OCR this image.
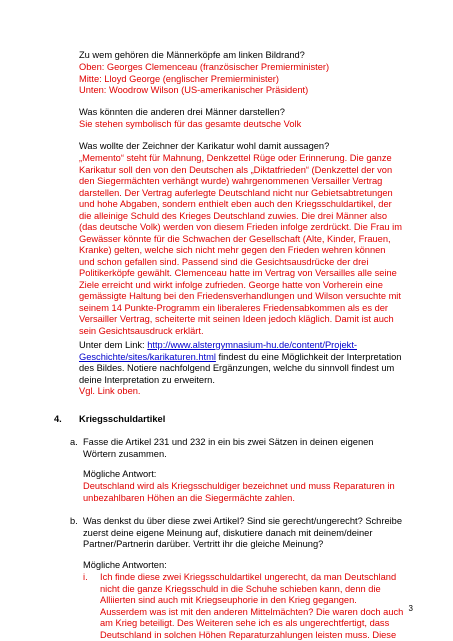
Zu wem gehören die Männerköpfe am linken Bildrand?

Oben: Georges Clemenceau (französischer Premierminister)
Mitte: Lloyd George (englischer Premierminister)
Unten: Woodrow Wilson (US-amerikanischer Präsident)

Was könnten die anderen drei Männer darstellen?

Sie stehen symbolisch für das gesamte deutsche Volk

Was wollte der Zeichner der Karikatur wohl damit aussagen?

„Memento“ steht für Mahnung, Denkzettel Rüge oder Erinnerung. Die ganze
Karikatur soll den von den Deutschen als „Diktatfrieden“ (Denkzettel der von
den Siegermächten verhängt wurde) wahrgenommenen Versailler Vertrag
darstellen. Der Vertrag auferlegte Deutschland nicht nur Gebietsabtretungen
und hohe Abgaben, sondern enthielt eben auch den Kriegsschuldartikel, der
die alleinige Schuld des Krieges Deutschland zuwies. Die drei Männer also
(das deutsche Volk) werden von diesem Frieden infolge zerdrückt. Die Frau im
Gewässer könnte für die Schwachen der Gesellschaft (Alte, Kinder, Frauen,
Kranke) gelten, welche sich nicht mehr gegen den Frieden wehren können
und schon gefallen sind. Passend sind die Gesichtsausdrücke der drei
Politikerköpfe gewählt. Clemenceau hatte im Vertrag von Versailles alle seine
Ziele erreicht und wirkt infolge zufrieden. George hatte von Vorherein eine
gemässigte Haltung bei den Friedensverhandlungen und Wilson versuchte mit
seinem 14 Punkte-Programm ein liberaleres Friedensabkommen als es der
Versailler Vertrag, scheiterte mit seinen Ideen jedoch kläglich. Damit ist auch
sein Gesichtsausdruck erklärt.

Unter dem Link: http://www.alstergymnasium-hu.de/content/Projekt-
Geschichte/sites/karikaturen.html findest du eine Möglichkeit der Interpretation
des Bildes. Notiere nachfolgend Ergänzungen, welche du sinnvoll findest um
deine Interpretation zu erweitern.

Vgl. Link oben.

4. Kriegsschuldartikel
a. Fasse die Artikel 231 und 232 in ein bis zwei Sätzen in deinen eigenen
Wörtern zusammen.

Mögliche Antwort:

Deutschland wird als Kriegsschuldiger bezeichnet und muss Reparaturen in
unbezahlbaren Höhen an die Siegermächte zahlen.

b. Was denkst du über diese zwei Artikel? Sind sie gerecht/ungerecht? Schreibe
zuerst deine eigene Meinung auf, diskutiere danach mit deinem/deiner
Partner/Partnerin darüber. Vertritt ihr die gleiche Meinung?

Mögliche Antworten:

i. Ich finde diese zwei Kriegsschuldartikel ungerecht, da man Deutschland
nicht die ganze Kriegsschuld in die Schuhe schieben kann, denn die
Alliierten sind auch mit Kriegseuphorie in den Krieg gegangen.
Ausserdem was ist mit den anderen Mittelmächten? Die waren doch auch
am Krieg beteiligt. Des Weiteren sehe ich es als ungerechtfertigt, dass
Deutschland in solchen Höhen Reparaturzahlungen leisten muss. Diese

3
